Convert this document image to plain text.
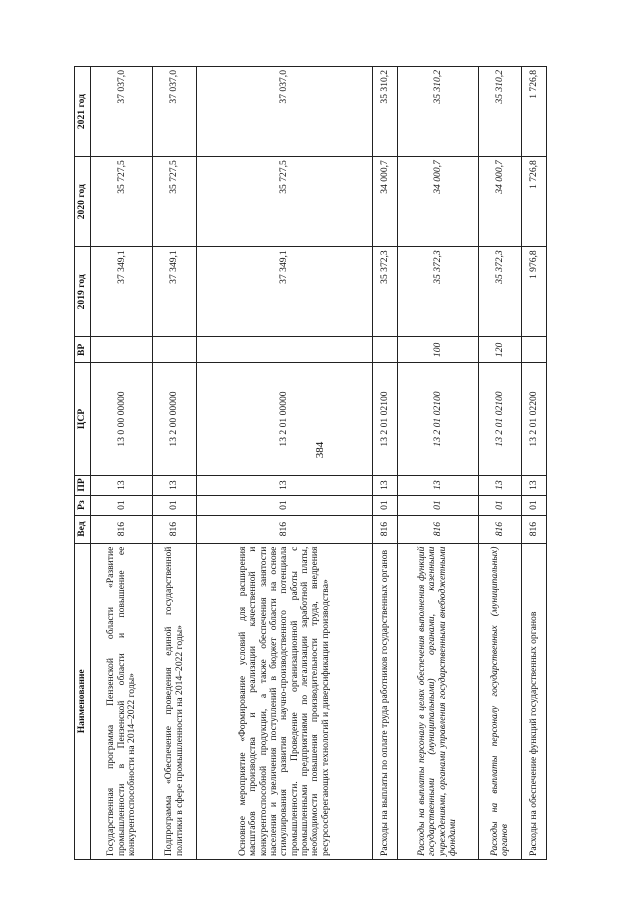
384
Наименование	Вед	Рз	ПР	ЦСР	ВР	2019 год	2020 год	2021 год
Государственная программа Пензенской области «Развитие промышленности в Пензенской области и повышение ее конкурентоспособности на 2014–2022 годы»	816	01	13	13 0 00 00000		37 349,1	35 727,5	37 037,0
Подпрограмма «Обеспечение проведения единой государственной политики в сфере промышленности на 2014–2022 годы»	816	01	13	13 2 00 00000		37 349,1	35 727,5	37 037,0
Основное мероприятие «Формирование условий для расширения масштабов производства и реализации качественной и конкурентоспособной продукции, а также обеспечения занятости населения и увеличения поступлений в бюджет области на основе стимулирования развития научно-производственного потенциала промышленности. Проведение организационной работы с промышленными предприятиями по легализации заработной платы, необходимости повышения производительности труда, внедрения ресурсосберегающих технологий и диверсификации производства»	816	01	13	13 2 01 00000		37 349,1	35 727,5	37 037,0
Расходы на выплаты по оплате труда работников государственных органов	816	01	13	13 2 01 02100		35 372,3	34 000,7	35 310,2
Расходы на выплаты персоналу в целях обеспечения выполнения функций государственными (муниципальными) органами, казенными учреждениями, органами управления государственными внебюджетными фондами	816	01	13	13 2 01 02100	100	35 372,3	34 000,7	35 310,2
Расходы на выплаты персоналу государственных (муниципальных) органов	816	01	13	13 2 01 02100	120	35 372,3	34 000,7	35 310,2
Расходы на обеспечение функций государственных органов	816	01	13	13 2 01 02200		1 976,8	1 726,8	1 726,8
